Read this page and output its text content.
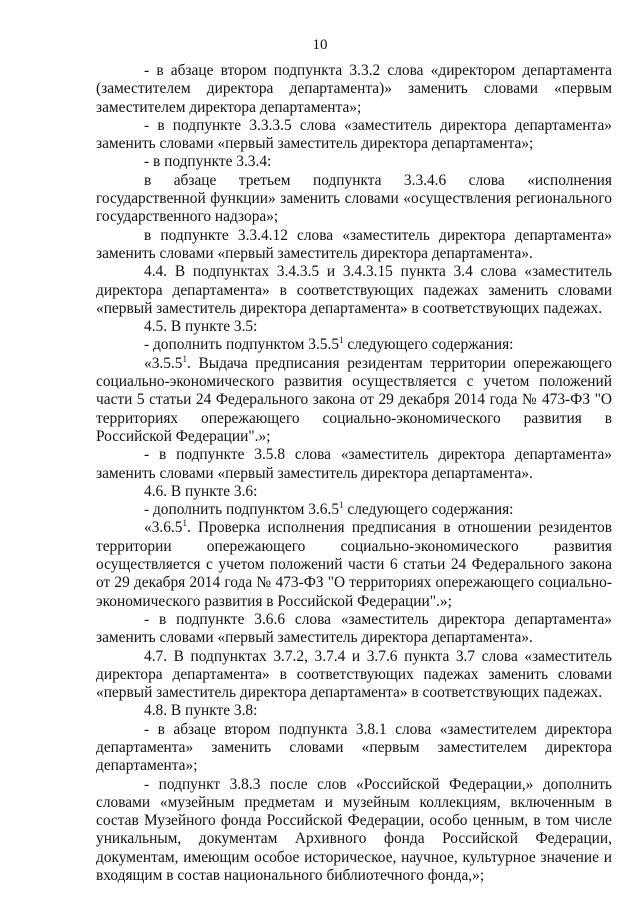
10

- в абзаце втором подпункта 3.3.2 слова «директором департамента (заместителем директора департамента)» заменить словами «первым заместителем директора департамента»;

- в подпункте 3.3.3.5 слова «заместитель директора департамента» заменить словами «первый заместитель директора департамента»;

- в подпункте 3.3.4:

в абзаце третьем подпункта 3.3.4.6 слова «исполнения государственной функции» заменить словами «осуществления регионального государственного надзора»;

в подпункте 3.3.4.12 слова «заместитель директора департамента» заменить словами «первый заместитель директора департамента».

4.4. В подпунктах 3.4.3.5 и 3.4.3.15 пункта 3.4 слова «заместитель директора департамента» в соответствующих падежах заменить словами «первый заместитель директора департамента» в соответствующих падежах.

4.5. В пункте 3.5:

- дополнить подпунктом 3.5.5$^1$ следующего содержания:

«3.5.5$^1$. Выдача предписания резидентам территории опережающего социально-экономического развития осуществляется с учетом положений части 5 статьи 24 Федерального закона от 29 декабря 2014 года № 473-ФЗ "О территориях опережающего социально-экономического развития в Российской Федерации".»;

- в подпункте 3.5.8 слова «заместитель директора департамента» заменить словами «первый заместитель директора департамента».

4.6. В пункте 3.6:

- дополнить подпунктом 3.6.5$^1$ следующего содержания:

«3.6.5$^1$. Проверка исполнения предписания в отношении резидентов территории опережающего социально-экономического развития осуществляется с учетом положений части 6 статьи 24 Федерального закона от 29 декабря 2014 года № 473-ФЗ "О территориях опережающего социально-экономического развития в Российской Федерации".»;

- в подпункте 3.6.6 слова «заместитель директора департамента» заменить словами «первый заместитель директора департамента».

4.7. В подпунктах 3.7.2, 3.7.4 и 3.7.6 пункта 3.7 слова «заместитель директора департамента» в соответствующих падежах заменить словами «первый заместитель директора департамента» в соответствующих падежах.

4.8. В пункте 3.8:

- в абзаце втором подпункта 3.8.1 слова «заместителем директора департамента» заменить словами «первым заместителем директора департамента»;

- подпункт 3.8.3 после слов «Российской Федерации,» дополнить словами «музейным предметам и музейным коллекциям, включенным в состав Музейного фонда Российской Федерации, особо ценным, в том числе уникальным, документам Архивного фонда Российской Федерации, документам, имеющим особое историческое, научное, культурное значение и входящим в состав национального библиотечного фонда,»;
